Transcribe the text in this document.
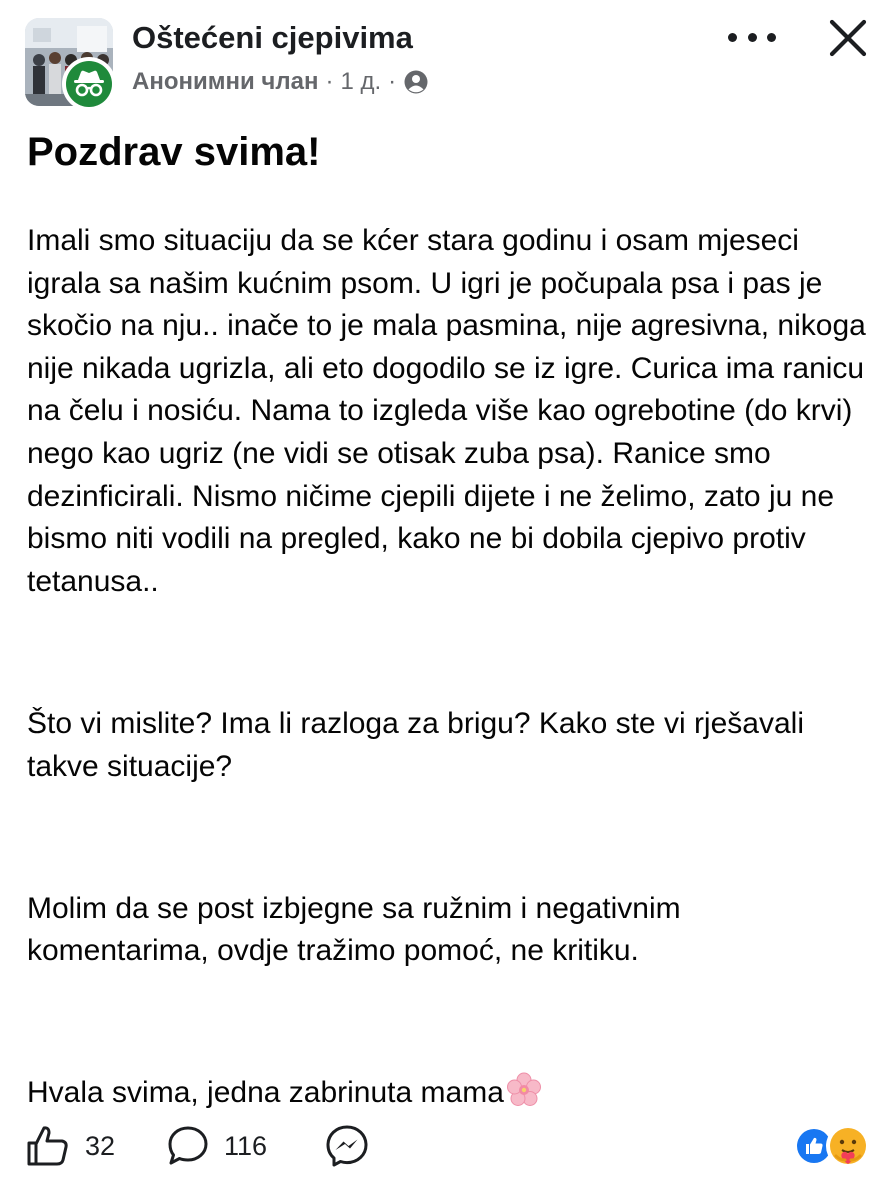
Oštećeni cjepivima
Анонимни члан · 1 д. ·
Pozdrav svima!

Imali smo situaciju da se kćer stara godinu i osam mjeseci igrala sa našim kućnim psom. U igri je počupala psa i pas je skočio na nju.. inače to je mala pasmina, nije agresivna, nikoga nije nikada ugrizla, ali eto dogodilo se iz igre. Curica ima ranicu na čelu i nosiću. Nama to izgleda više kao ogrebotine (do krvi) nego kao ugriz (ne vidi se otisak zuba psa). Ranice smo dezinficirali. Nismo ničime cjepili dijete i ne želimo, zato ju ne bismo niti vodili na pregled, kako ne bi dobila cjepivo protiv tetanusa..

Što vi mislite? Ima li razloga za brigu? Kako ste vi rješavali takve situacije?

Molim da se post izbjegne sa ružnim i negativnim komentarima, ovdje tražimo pomoć, ne kritiku.

Hvala svima, jedna zabrinuta mama

32	116
